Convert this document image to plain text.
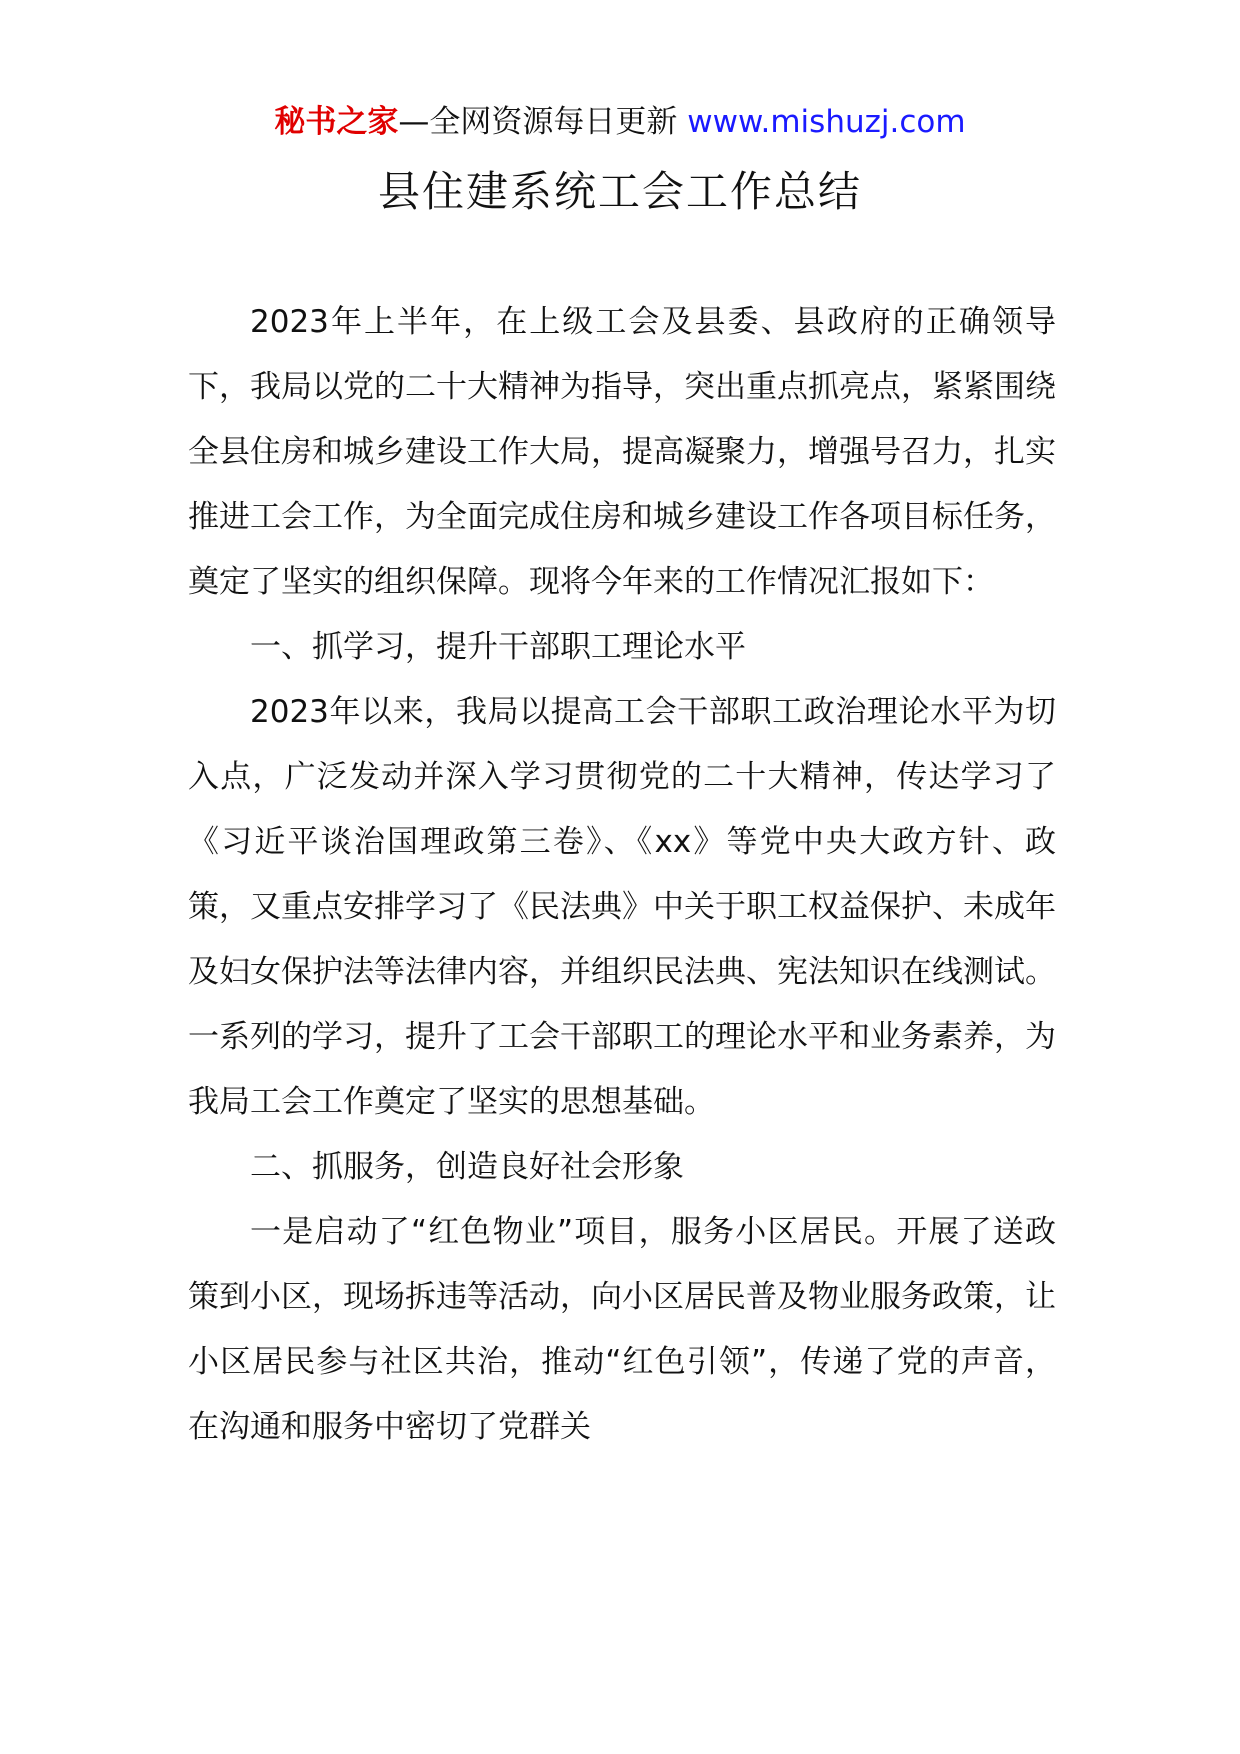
秘书之家—全网资源每日更新 www.mishuzj.com
县住建系统工会工作总结

2023年上半年，在上级工会及县委、县政府的正确领导下，我局以党的二十大精神为指导，突出重点抓亮点，紧紧围绕全县住房和城乡建设工作大局，提高凝聚力，增强号召力，扎实推进工会工作，为全面完成住房和城乡建设工作各项目标任务，奠定了坚实的组织保障。现将今年来的工作情况汇报如下：

一、抓学习，提升干部职工理论水平

2023年以来，我局以提高工会干部职工政治理论水平为切入点，广泛发动并深入学习贯彻党的二十大精神，传达学习了《习近平谈治国理政第三卷》、《xx》等党中央大政方针、政策，又重点安排学习了《民法典》中关于职工权益保护、未成年及妇女保护法等法律内容，并组织民法典、宪法知识在线测试。一系列的学习，提升了工会干部职工的理论水平和业务素养，为我局工会工作奠定了坚实的思想基础。

二、抓服务，创造良好社会形象

一是启动了“红色物业”项目，服务小区居民。开展了送政策到小区，现场拆违等活动，向小区居民普及物业服务政策，让小区居民参与社区共治，推动“红色引领”，传递了党的声音，在沟通和服务中密切了党群关
